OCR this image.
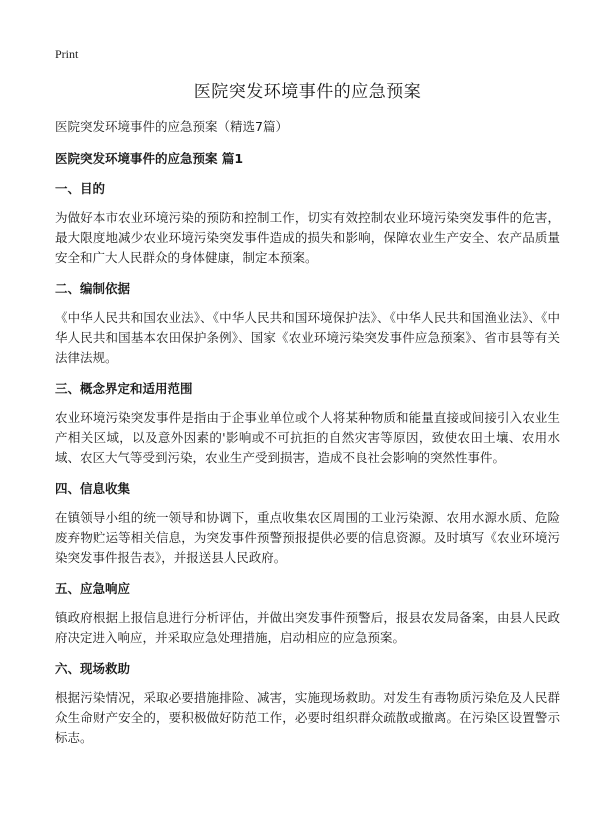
Print
医院突发环境事件的应急预案
医院突发环境事件的应急预案（精选7篇）
医院突发环境事件的应急预案 篇1
一、目的
为做好本市农业环境污染的预防和控制工作，切实有效控制农业环境污染突发事件的危害，最大限度地减少农业环境污染突发事件造成的损失和影响，保障农业生产安全、农产品质量安全和广大人民群众的身体健康，制定本预案。
二、编制依据
《中华人民共和国农业法》、《中华人民共和国环境保护法》、《中华人民共和国渔业法》、《中华人民共和国基本农田保护条例》、国家《农业环境污染突发事件应急预案》、省市县等有关法律法规。
三、概念界定和适用范围
农业环境污染突发事件是指由于企事业单位或个人将某种物质和能量直接或间接引入农业生产相关区域，以及意外因素的'影响或不可抗拒的自然灾害等原因，致使农田土壤、农用水域、农区大气等受到污染，农业生产受到损害，造成不良社会影响的突然性事件。
四、信息收集
在镇领导小组的统一领导和协调下，重点收集农区周围的工业污染源、农用水源水质、危险废弃物贮运等相关信息，为突发事件预警预报提供必要的信息资源。及时填写《农业环境污染突发事件报告表》，并报送县人民政府。
五、应急响应
镇政府根据上报信息进行分析评估，并做出突发事件预警后，报县农发局备案，由县人民政府决定进入响应，并采取应急处理措施，启动相应的应急预案。
六、现场救助
根据污染情况，采取必要措施排险、减害，实施现场救助。对发生有毒物质污染危及人民群众生命财产安全的，要积极做好防范工作，必要时组织群众疏散或撤离。在污染区设置警示标志。
